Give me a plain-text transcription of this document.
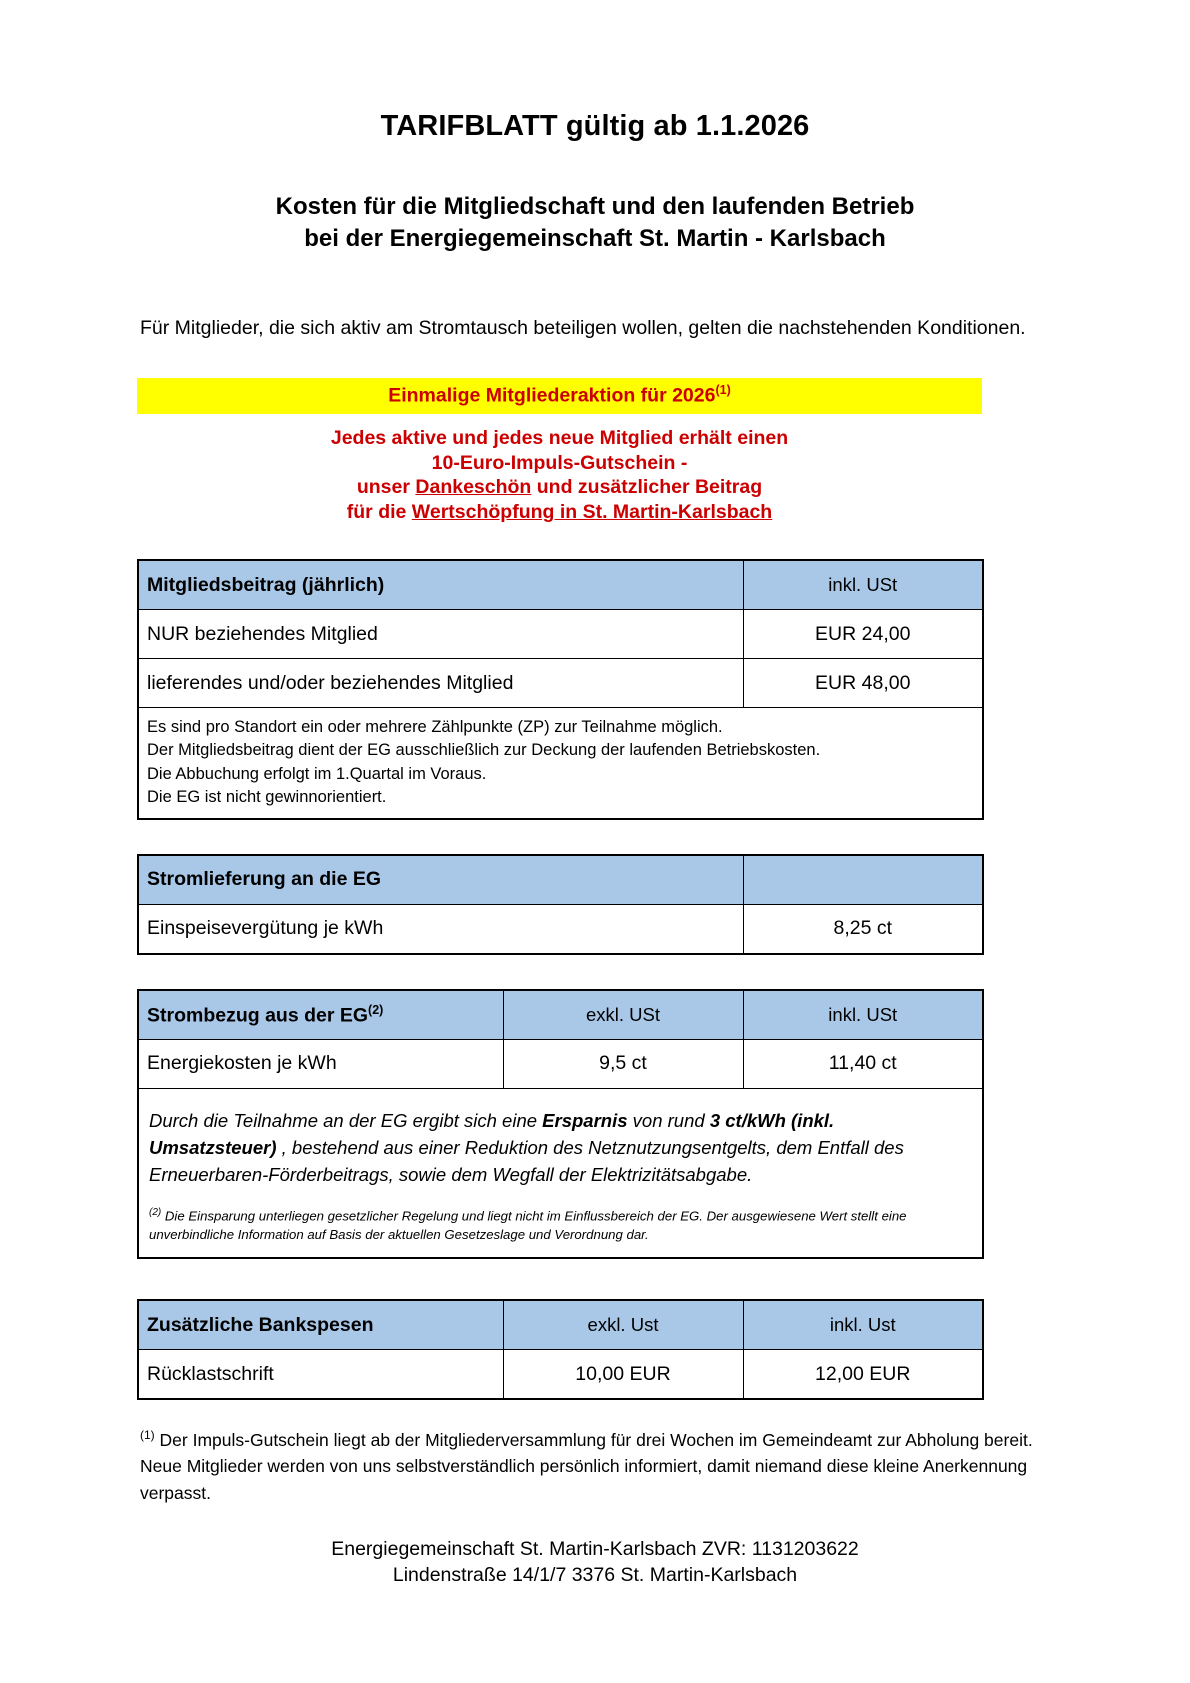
TARIFBLATT gültig ab 1.1.2026
Kosten für die Mitgliedschaft und den laufenden Betrieb
bei der Energiegemeinschaft St. Martin - Karlsbach

Für Mitglieder, die sich aktiv am Stromtausch beteiligen wollen, gelten die nachstehenden Konditionen.

Einmalige Mitgliederaktion für 2026$^{(1)}$
Jedes aktive und jedes neue Mitglied erhält einen
10-Euro-Impuls-Gutschein -
unser Dankeschön und zusätzlicher Beitrag
für die Wertschöpfung in St. Martin-Karlsbach
Mitgliedsbeitrag (jährlich)	inkl. USt
NUR beziehendes Mitglied	EUR 24,00
lieferendes und/oder beziehendes Mitglied	EUR 48,00

Es sind pro Standort ein oder mehrere Zählpunkte (ZP) zur Teilnahme möglich.
Der Mitgliedsbeitrag dient der EG ausschließlich zur Deckung der laufenden Betriebskosten.
Die Abbuchung erfolgt im 1.Quartal im Voraus.
Die EG ist nicht gewinnorientiert.	
Stromlieferung an die EG	
Einspeisevergütung je kWh	8,25 ct
Strombezug aus der EG$^{(2)}$	exkl. USt	inkl. USt
Energiekosten je kWh	9,5 ct	11,40 ct

Durch die Teilnahme an der EG ergibt sich eine Ersparnis von rund 3 ct/kWh (inkl. Umsatzsteuer) , bestehend aus einer Reduktion des Netznutzungsentgelts, dem Entfall des Erneuerbaren-Förderbeitrags, sowie dem Wegfall der Elektrizitätsabgabe.
$^{(2)}$ Die Einsparung unterliegen gesetzlicher Regelung und liegt nicht im Einflussbereich der EG. Der ausgewiesene Wert stellt eine unverbindliche Information auf Basis der aktuellen Gesetzeslage und Verordnung dar.		
Zusätzliche Bankspesen	exkl. Ust	inkl. Ust
Rücklastschrift	10,00 EUR	12,00 EUR
$^{(1)}$ Der Impuls-Gutschein liegt ab der Mitgliederversammlung für drei Wochen im Gemeindeamt zur Abholung bereit. Neue Mitglieder werden von uns selbstverständlich persönlich informiert, damit niemand diese kleine Anerkennung verpasst.
Energiegemeinschaft St. Martin-Karlsbach ZVR: 1131203622
Lindenstraße 14/1/7 3376 St. Martin-Karlsbach
